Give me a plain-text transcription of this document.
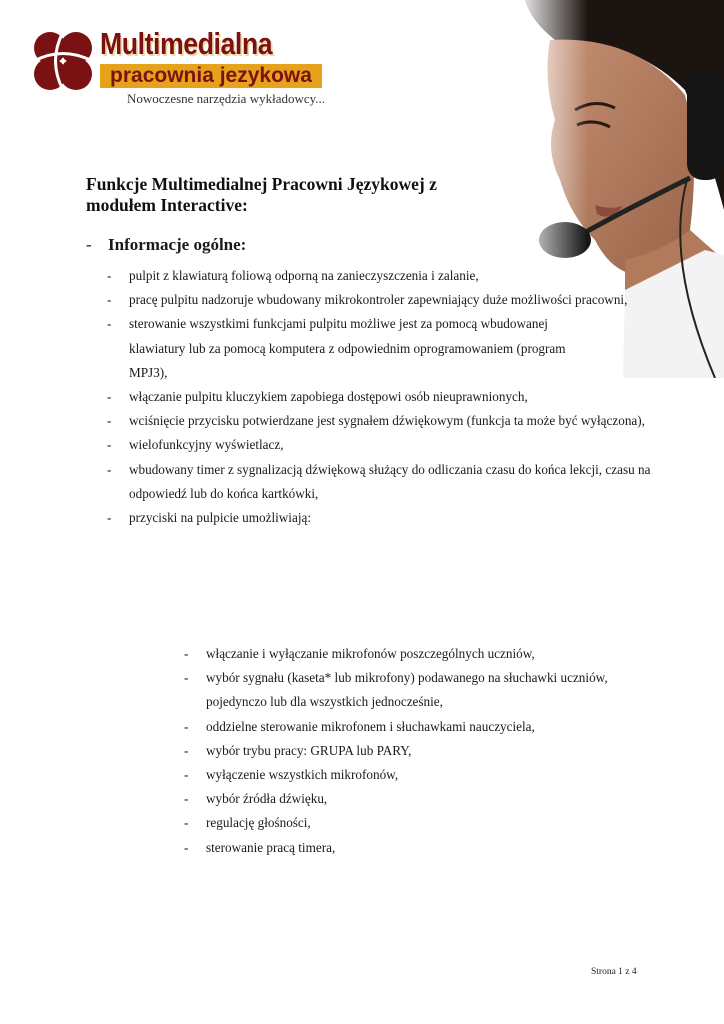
Multimedialna
pracownia jezykowa
Nowoczesne narzędzia wykładowcy...
Funkcje Multimedialnej Pracowni Językowej z modułem Interactive:
- Informacje ogólne:
- pulpit z klawiaturą foliową odporną na zanieczyszczenia i zalanie,
- pracę pulpitu nadzoruje wbudowany mikrokontroler zapewniający duże możliwości pracowni,
- sterowanie wszystkimi funkcjami pulpitu możliwe jest za pomocą wbudowanej klawiatury lub za pomocą komputera z odpowiednim oprogramowaniem (program MPJ3),
- włączanie pulpitu kluczykiem zapobiega dostępowi osób nieuprawnionych,
- wciśnięcie przycisku potwierdzane jest sygnałem dźwiękowym (funkcja ta może być wyłączona),
- wielofunkcyjny wyświetlacz,
- wbudowany timer z sygnalizacją dźwiękową służący do odliczania czasu do końca lekcji, czasu na odpowiedź lub do końca kartkówki,
- przyciski na pulpicie umożliwiają:
- włączanie i wyłączanie mikrofonów poszczególnych uczniów,
- wybór sygnału (kaseta* lub mikrofony) podawanego na słuchawki uczniów, pojedynczo lub dla wszystkich jednocześnie,
- oddzielne sterowanie mikrofonem i słuchawkami nauczyciela,
- wybór trybu pracy: GRUPA lub PARY,
- wyłączenie wszystkich mikrofonów,
- wybór źródła dźwięku,
- regulację głośności,
- sterowanie pracą timera,
Strona 1 z 4
